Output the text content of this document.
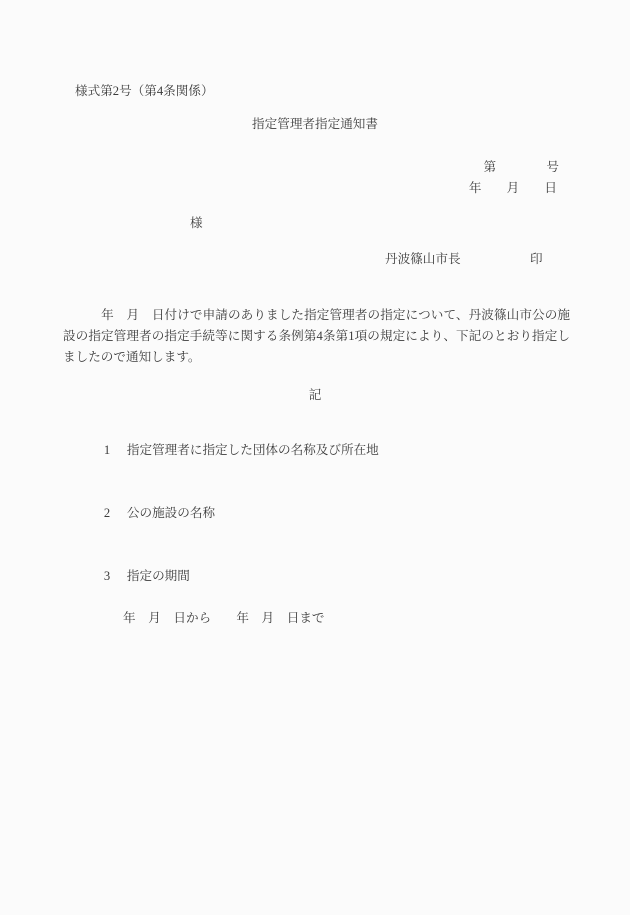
様式第2号（第4条関係）
指定管理者指定通知書
第　　　　号
年　　月　　日
様
丹波篠山市長	印
　　　年　月　日付けで申請のありました指定管理者の指定について、丹波篠山市公の施設の指定管理者の指定手続等に関する条例第4条第1項の規定により、下記のとおり指定しましたので通知します。
記

1 指定管理者に指定した団体の名称及び所在地

2 公の施設の名称

3 指定の期間

年　月　日から　　年　月　日まで
